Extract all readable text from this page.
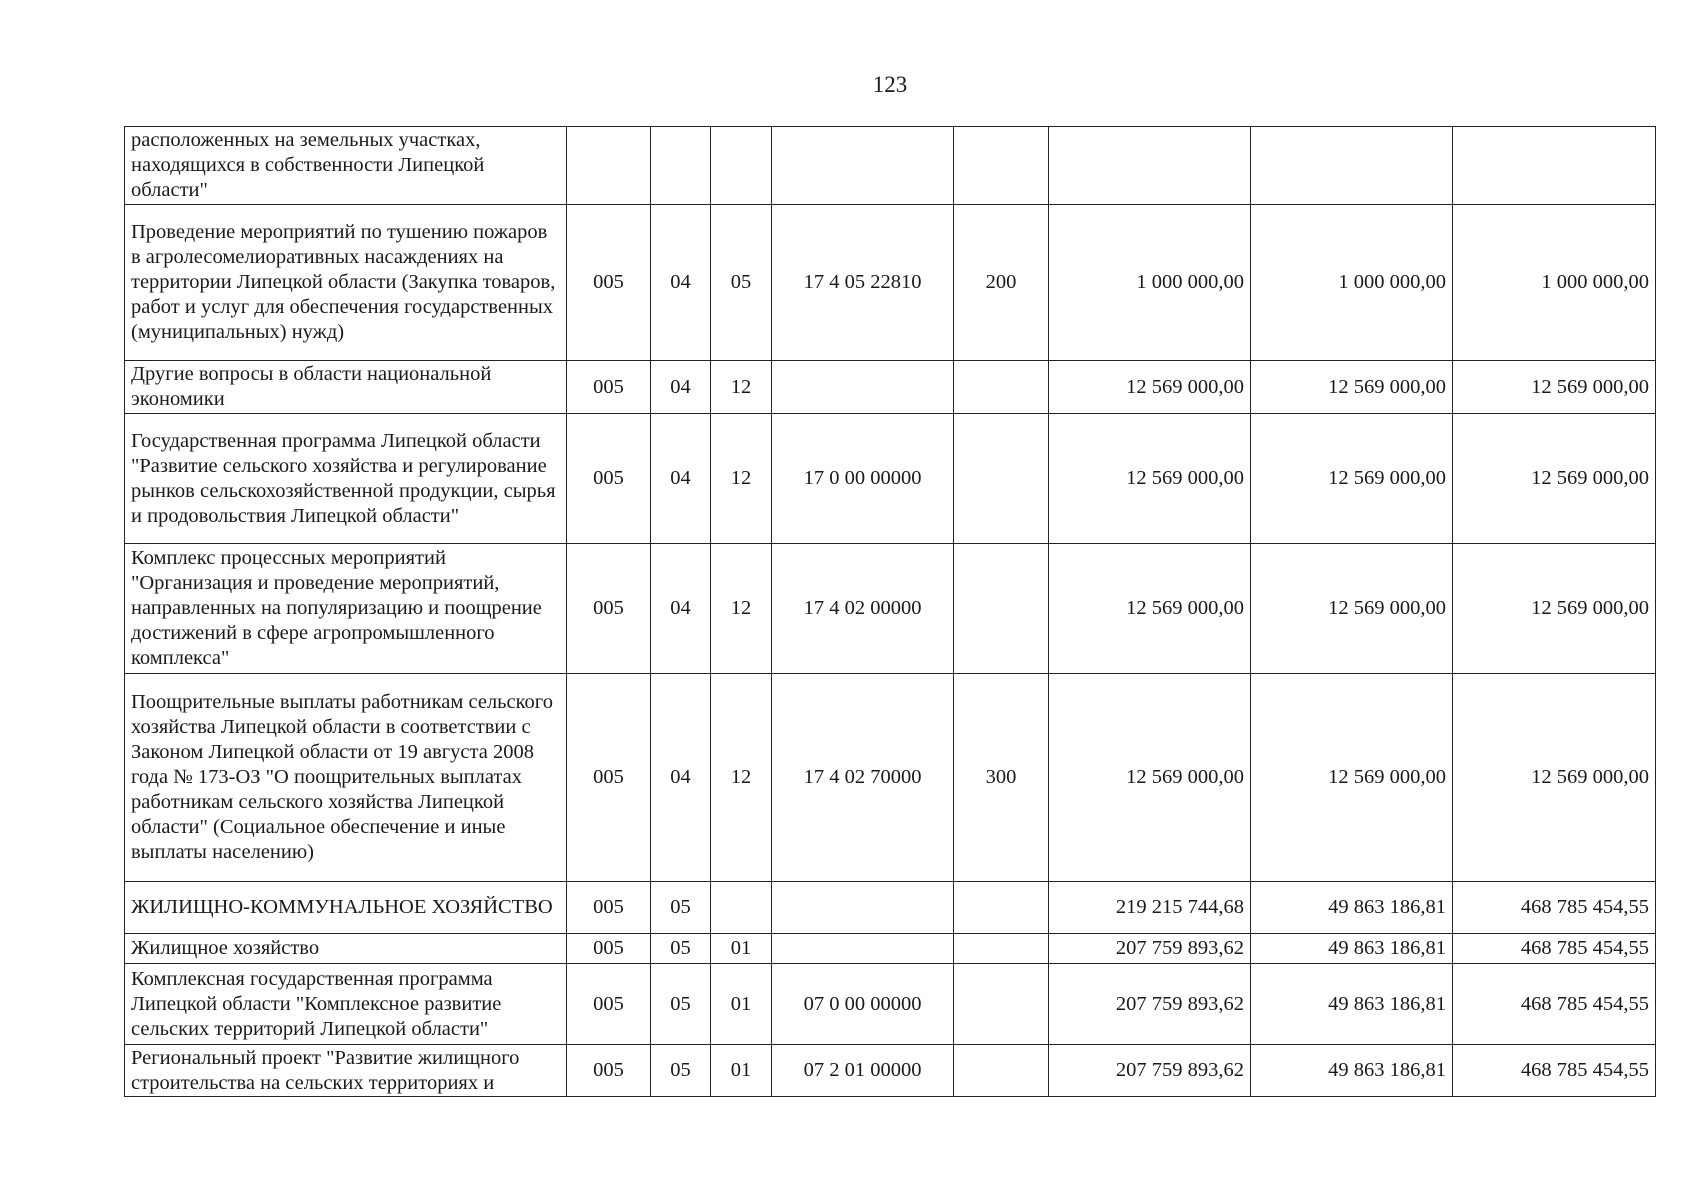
123
расположенных на земельных участках, находящихся в собственности Липецкой области"								
Проведение мероприятий по тушению пожаров в агролесомелиоративных насаждениях на территории Липецкой области (Закупка товаров, работ и услуг для обеспечения государственных (муниципальных) нужд)	005	04	05	17 4 05 22810	200	1 000 000,00	1 000 000,00	1 000 000,00
Другие вопросы в области национальной экономики	005	04	12			12 569 000,00	12 569 000,00	12 569 000,00
Государственная программа Липецкой области "Развитие сельского хозяйства и регулирование рынков сельскохозяйственной продукции, сырья и продовольствия Липецкой области"	005	04	12	17 0 00 00000		12 569 000,00	12 569 000,00	12 569 000,00
Комплекс процессных мероприятий "Организация и проведение мероприятий, направленных на популяризацию и поощрение достижений в сфере агропромышленного комплекса"	005	04	12	17 4 02 00000		12 569 000,00	12 569 000,00	12 569 000,00
Поощрительные выплаты работникам сельского хозяйства Липецкой области в соответствии с Законом Липецкой области от 19 августа 2008 года № 173-ОЗ "О поощрительных выплатах работникам сельского хозяйства Липецкой области" (Социальное обеспечение и иные выплаты населению)	005	04	12	17 4 02 70000	300	12 569 000,00	12 569 000,00	12 569 000,00
ЖИЛИЩНО-КОММУНАЛЬНОЕ ХОЗЯЙСТВО	005	05				219 215 744,68	49 863 186,81	468 785 454,55
Жилищное хозяйство	005	05	01			207 759 893,62	49 863 186,81	468 785 454,55
Комплексная государственная программа Липецкой области "Комплексное развитие сельских территорий Липецкой области"	005	05	01	07 0 00 00000		207 759 893,62	49 863 186,81	468 785 454,55
Региональный проект "Развитие жилищного строительства на сельских территориях и	005	05	01	07 2 01 00000		207 759 893,62	49 863 186,81	468 785 454,55
